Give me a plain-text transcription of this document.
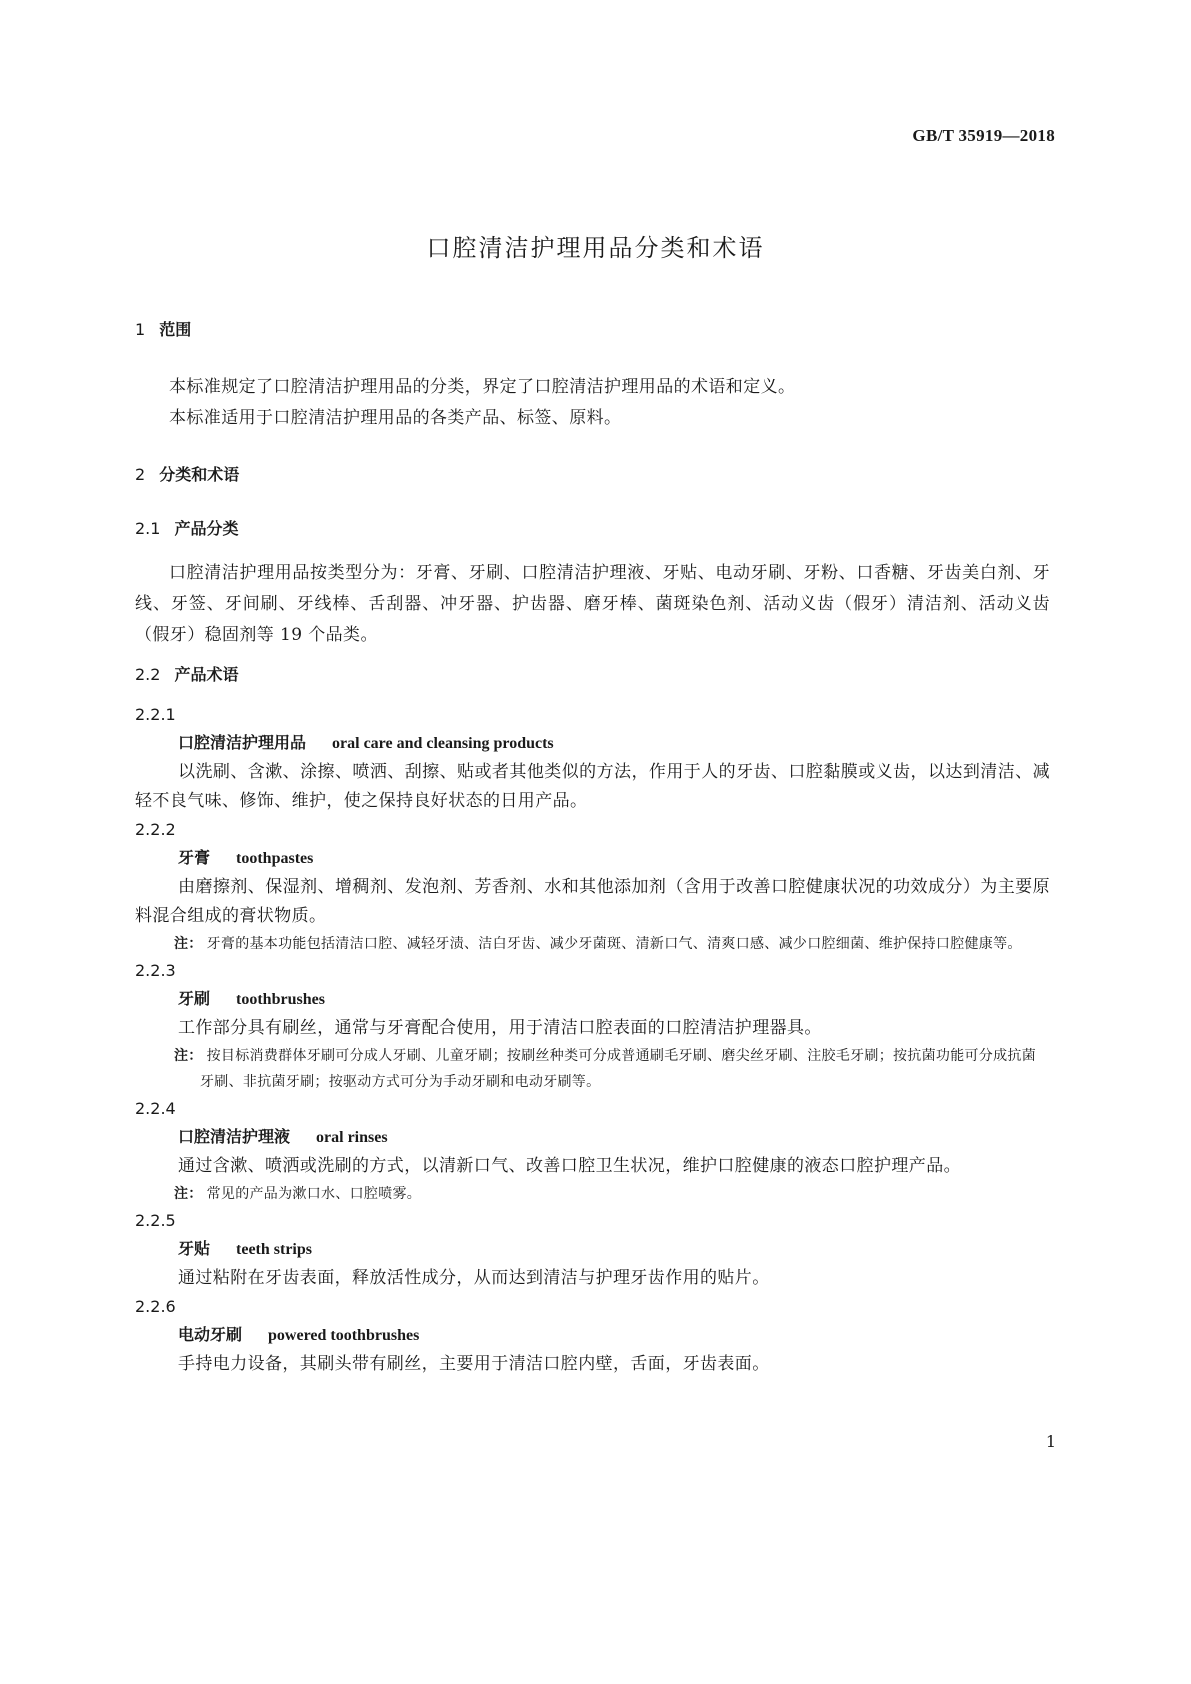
GB/T 35919—2018
口腔清洁护理用品分类和术语
1 范围

本标准规定了口腔清洁护理用品的分类，界定了口腔清洁护理用品的术语和定义。

本标准适用于口腔清洁护理用品的各类产品、标签、原料。

2 分类和术语
2.1 产品分类

口腔清洁护理用品按类型分为：牙膏、牙刷、口腔清洁护理液、牙贴、电动牙刷、牙粉、口香糖、牙齿美白剂、牙线、牙签、牙间刷、牙线棒、舌刮器、冲牙器、护齿器、磨牙棒、菌斑染色剂、活动义齿（假牙）清洁剂、活动义齿（假牙）稳固剂等 19 个品类。

2.2 产品术语

2.2.1

口腔清洁护理用品 oral care and cleansing products

以洗刷、含漱、涂擦、喷洒、刮擦、贴或者其他类似的方法，作用于人的牙齿、口腔黏膜或义齿，以达到清洁、减轻不良气味、修饰、维护，使之保持良好状态的日用产品。

2.2.2

牙膏 toothpastes

由磨擦剂、保湿剂、增稠剂、发泡剂、芳香剂、水和其他添加剂（含用于改善口腔健康状况的功效成分）为主要原料混合组成的膏状物质。

注： 牙膏的基本功能包括清洁口腔、减轻牙渍、洁白牙齿、减少牙菌斑、清新口气、清爽口感、减少口腔细菌、维护保持口腔健康等。

2.2.3

牙刷 toothbrushes

工作部分具有刷丝，通常与牙膏配合使用，用于清洁口腔表面的口腔清洁护理器具。

注： 按目标消费群体牙刷可分成人牙刷、儿童牙刷；按刷丝种类可分成普通刷毛牙刷、磨尖丝牙刷、注胶毛牙刷；按抗菌功能可分成抗菌牙刷、非抗菌牙刷；按驱动方式可分为手动牙刷和电动牙刷等。

2.2.4

口腔清洁护理液 oral rinses

通过含漱、喷洒或洗刷的方式，以清新口气、改善口腔卫生状况，维护口腔健康的液态口腔护理产品。

注： 常见的产品为漱口水、口腔喷雾。

2.2.5

牙贴 teeth strips

通过粘附在牙齿表面，释放活性成分，从而达到清洁与护理牙齿作用的贴片。

2.2.6

电动牙刷 powered toothbrushes

手持电力设备，其刷头带有刷丝，主要用于清洁口腔内壁，舌面，牙齿表面。

1
